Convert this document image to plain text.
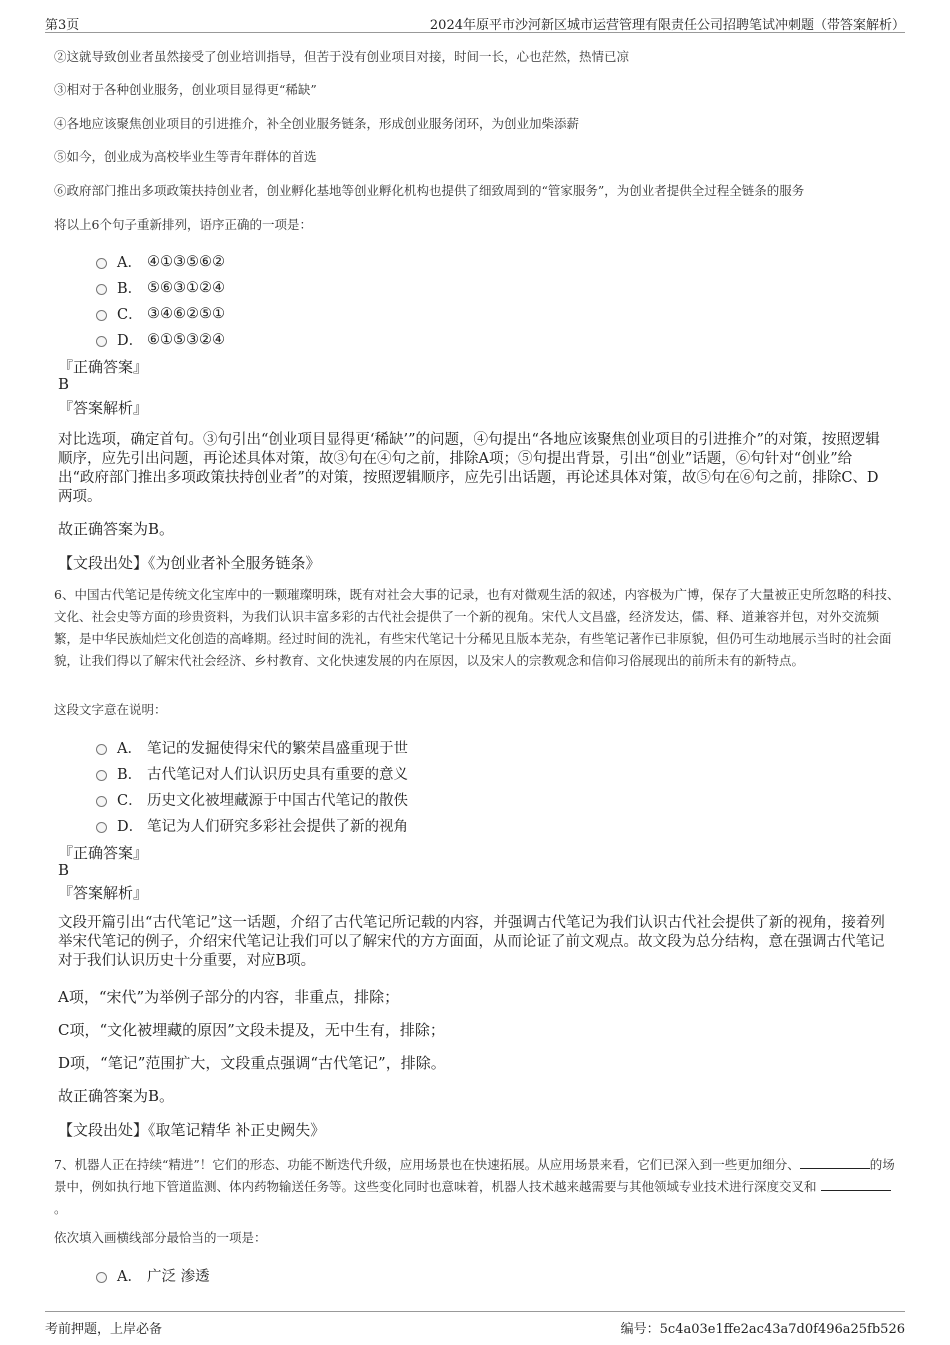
第3页	2024年原平市沙河新区城市运营管理有限责任公司招聘笔试冲刺题（带答案解析）
②这就导致创业者虽然接受了创业培训指导，但苦于没有创业项目对接，时间一长，心也茫然，热情已凉
③相对于各种创业服务，创业项目显得更“稀缺”
④各地应该聚焦创业项目的引进推介，补全创业服务链条，形成创业服务闭环，为创业加柴添薪
⑤如今，创业成为高校毕业生等青年群体的首选
⑥政府部门推出多项政策扶持创业者，创业孵化基地等创业孵化机构也提供了细致周到的“管家服务”，为创业者提供全过程全链条的服务
将以上6个句子重新排列，语序正确的一项是：
A． ④①③⑤⑥②
B． ⑤⑥③①②④
C． ③④⑥②⑤①
D． ⑥①⑤③②④
『正确答案』
B
『答案解析』
对比选项，确定首句。③句引出“创业项目显得更‘稀缺’”的问题，④句提出“各地应该聚焦创业项目的引进推介”的对策，按照逻辑顺序，应先引出问题，再论述具体对策，故③句在④句之前，排除A项；⑤句提出背景，引出“创业”话题，⑥句针对“创业”给出“政府部门推出多项政策扶持创业者”的对策，按照逻辑顺序，应先引出话题，再论述具体对策，故⑤句在⑥句之前，排除C、D两项。
故正确答案为B。
【文段出处】《为创业者补全服务链条》
6、中国古代笔记是传统文化宝库中的一颗璀璨明珠，既有对社会大事的记录，也有对微观生活的叙述，内容极为广博，保存了大量被正史所忽略的科技、文化、社会史等方面的珍贵资料，为我们认识丰富多彩的古代社会提供了一个新的视角。宋代人文昌盛，经济发达，儒、释、道兼容并包，对外交流频繁，是中华民族灿烂文化创造的高峰期。经过时间的洗礼，有些宋代笔记十分稀见且版本芜杂，有些笔记著作已非原貌，但仍可生动地展示当时的社会面貌，让我们得以了解宋代社会经济、乡村教育、文化快速发展的内在原因，以及宋人的宗教观念和信仰习俗展现出的前所未有的新特点。
这段文字意在说明：
A． 笔记的发掘使得宋代的繁荣昌盛重现于世
B． 古代笔记对人们认识历史具有重要的意义
C． 历史文化被埋藏源于中国古代笔记的散佚
D． 笔记为人们研究多彩社会提供了新的视角
『正确答案』
B
『答案解析』
文段开篇引出“古代笔记”这一话题，介绍了古代笔记所记载的内容，并强调古代笔记为我们认识古代社会提供了新的视角，接着列举宋代笔记的例子，介绍宋代笔记让我们可以了解宋代的方方面面，从而论证了前文观点。故文段为总分结构，意在强调古代笔记对于我们认识历史十分重要，对应B项。
A项，“宋代”为举例子部分的内容，非重点，排除；
C项，“文化被埋藏的原因”文段未提及，无中生有，排除；
D项，“笔记”范围扩大，文段重点强调“古代笔记”，排除。
故正确答案为B。
【文段出处】《取笔记精华 补正史阙失》
7、机器人正在持续“精进”！它们的形态、功能不断迭代升级，应用场景也在快速拓展。从应用场景来看，它们已深入到一些更加细分、	的场景中，例如执行地下管道监测、体内药物输送任务等。这些变化同时也意味着，机器人技术越来越需要与其他领域专业技术进行深度交叉和 。
依次填入画横线部分最恰当的一项是：
A． 广泛 渗透
考前押题，上岸必备	编号：5c4a03e1ffe2ac43a7d0f496a25fb526
